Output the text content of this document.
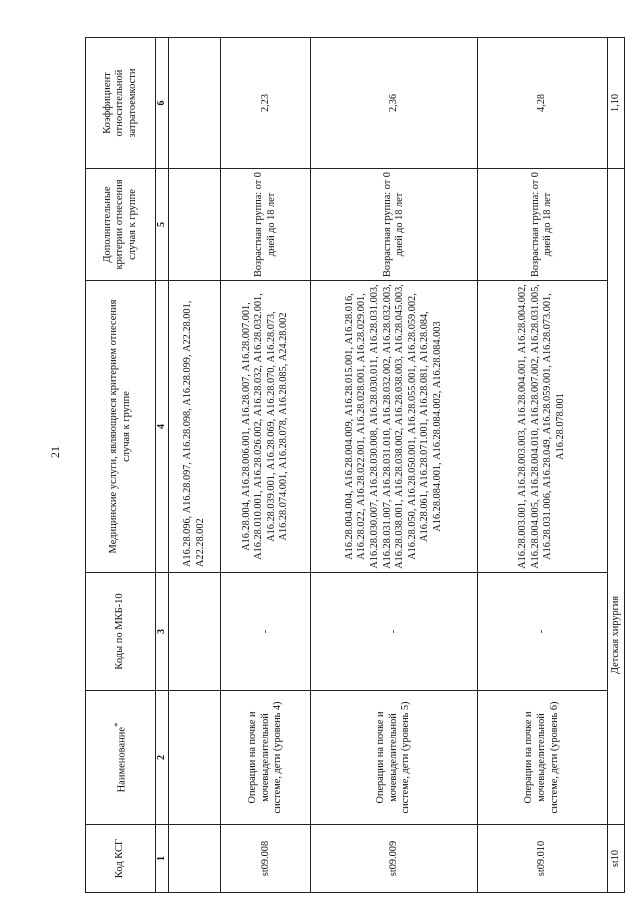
21
Код КСГ	Наименование*	Коды по МКБ-10	Медицинские услуги, являющиеся критерием отнесения случая к группе	Дополнительные критерии отнесения случая к группе	Коэффициент относительной затратоемкости
1	2	3	4	5	6
			А16.28.096, А16.28.097, А16.28.098, А16.28.099, А22.28.001, А22.28.002		
st09.008	Операции на почке и мочевыделительной системе, дети (уровень 4)	-	А16.28.004, А16.28.006.001, А16.28.007, А16.28.007.001, А16.28.010.001, А16.28.026.002, А16.28.032, А16.28.032.001, А16.28.039.001, А16.28.069, А16.28.070, А16.28.073, А16.28.074.001, А16.28.078, А16.28.085, А24.28.002	Возрастная группа: от 0 дней до 18 лет	2,23
st09.009	Операции на почке и мочевыделительной системе, дети (уровень 5)	-	А16.28.004.004, А16.28.004.009, А16.28.015.001, А16.28.016, А16.28.022, А16.28.022.001, А16.28.028.001, А16.28.029.001, А16.28.030.007, А16.28.030.008, А16.28.030.011, А16.28.031.003, А16.28.031.007, А16.28.031.010, А16.28.032.002, А16.28.032.003, А16.28.038.001, А16.28.038.002, А16.28.038.003, А16.28.045.003, А16.28.050, А16.28.050.001, А16.28.055.001, А16.28.059.002, А16.28.061, А16.28.071.001, А16.28.081, А16.28.084, А16.28.084.001, А16.28.084.002, А16.28.084.003	Возрастная группа: от 0 дней до 18 лет	2,36
st09.010	Операции на почке и мочевыделительной системе, дети (уровень 6)	-	А16.28.003.001, А16.28.003.003, А16.28.004.001, А16.28.004.002, А16.28.004.005, А16.28.004.010, А16.28.007.002, А16.28.031.005, А16.28.031.006, А16.28.049, А16.28.059.001, А16.28.073.001, А16.28.078.001	Возрастная группа: от 0 дней до 18 лет	4,28
st10	Детская хирургия				1,10
